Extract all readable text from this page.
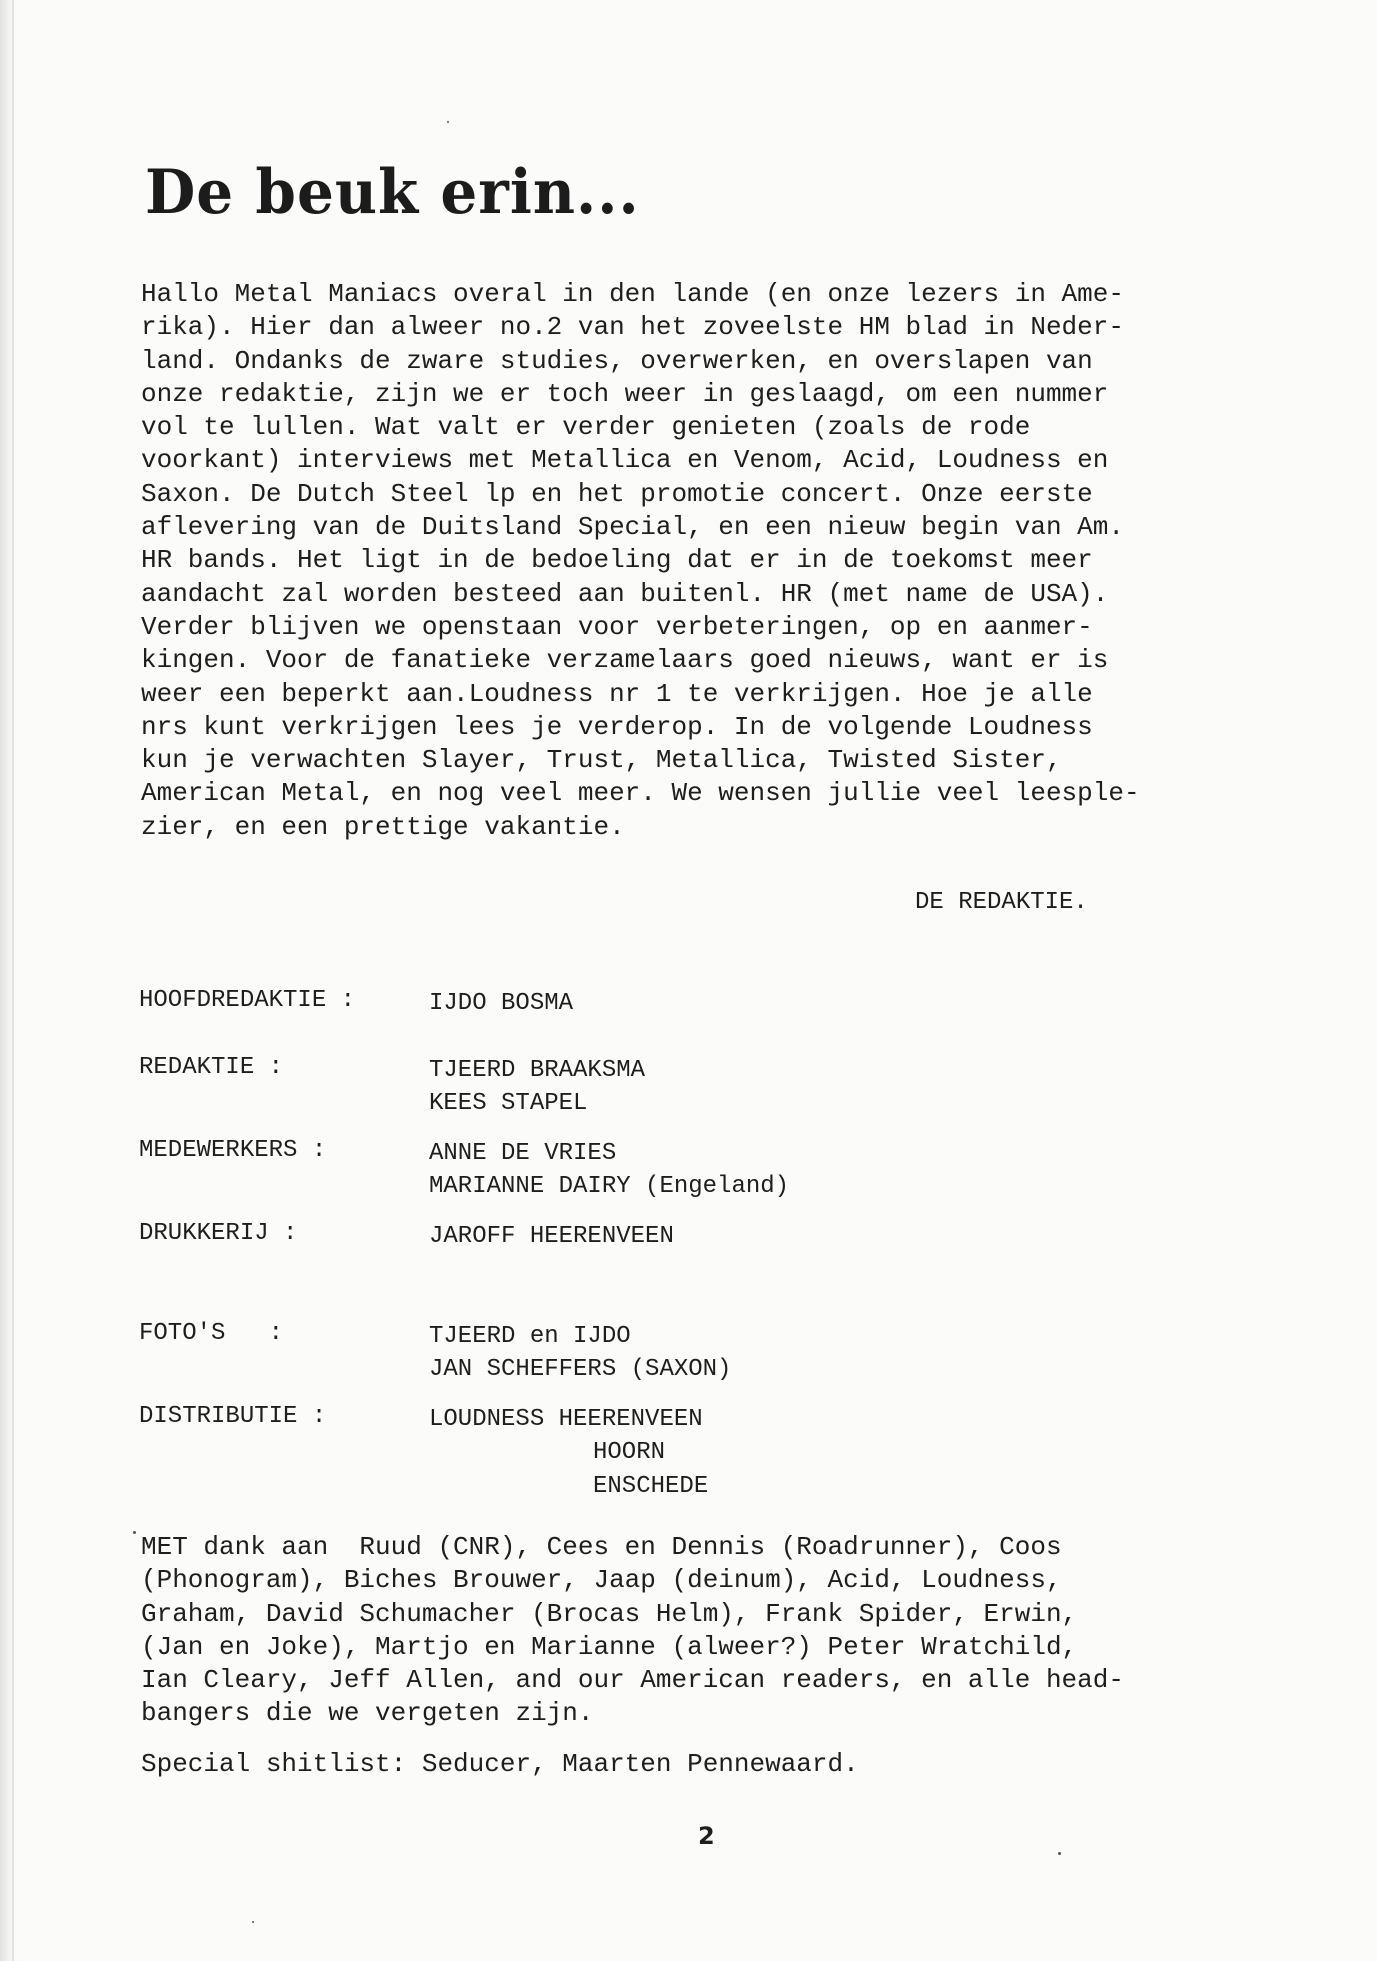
De beuk erin...
Hallo Metal Maniacs overal in den lande (en onze lezers in Ame-
rika). Hier dan alweer no.2 van het zoveelste HM blad in Neder-
land. Ondanks de zware studies, overwerken, en overslapen van
onze redaktie, zijn we er toch weer in geslaagd, om een nummer
vol te lullen. Wat valt er verder genieten (zoals de rode
voorkant) interviews met Metallica en Venom, Acid, Loudness en
Saxon. De Dutch Steel lp en het promotie concert. Onze eerste
aflevering van de Duitsland Special, en een nieuw begin van Am.
HR bands. Het ligt in de bedoeling dat er in de toekomst meer
aandacht zal worden besteed aan buitenl. HR (met name de USA).
Verder blijven we openstaan voor verbeteringen, op en aanmer-
kingen. Voor de fanatieke verzamelaars goed nieuws, want er is
weer een beperkt aan.Loudness nr 1 te verkrijgen. Hoe je alle
nrs kunt verkrijgen lees je verderop. In de volgende Loudness
kun je verwachten Slayer, Trust, Metallica, Twisted Sister,
American Metal, en nog veel meer. We wensen jullie veel leesple-
zier, en een prettige vakantie.
DE REDAKTIE.
HOOFDREDAKTIE :	IJDO BOSMA
REDAKTIE :	TJEERD BRAAKSMA
KEES STAPEL
MEDEWERKERS :	ANNE DE VRIES
MARIANNE DAIRY (Engeland)
DRUKKERIJ :	JAROFF HEERENVEEN
FOTO'S   :	TJEERD en IJDO
JAN SCHEFFERS (SAXON)
DISTRIBUTIE :	LOUDNESS HEERENVEEN
HOORN
ENSCHEDE
MET dank aan  Ruud (CNR), Cees en Dennis (Roadrunner), Coos
(Phonogram), Biches Brouwer, Jaap (deinum), Acid, Loudness,
Graham, David Schumacher (Brocas Helm), Frank Spider, Erwin,
(Jan en Joke), Martjo en Marianne (alweer?) Peter Wratchild,
Ian Cleary, Jeff Allen, and our American readers, en alle head-
bangers die we vergeten zijn.
Special shitlist: Seducer, Maarten Pennewaard.
2
